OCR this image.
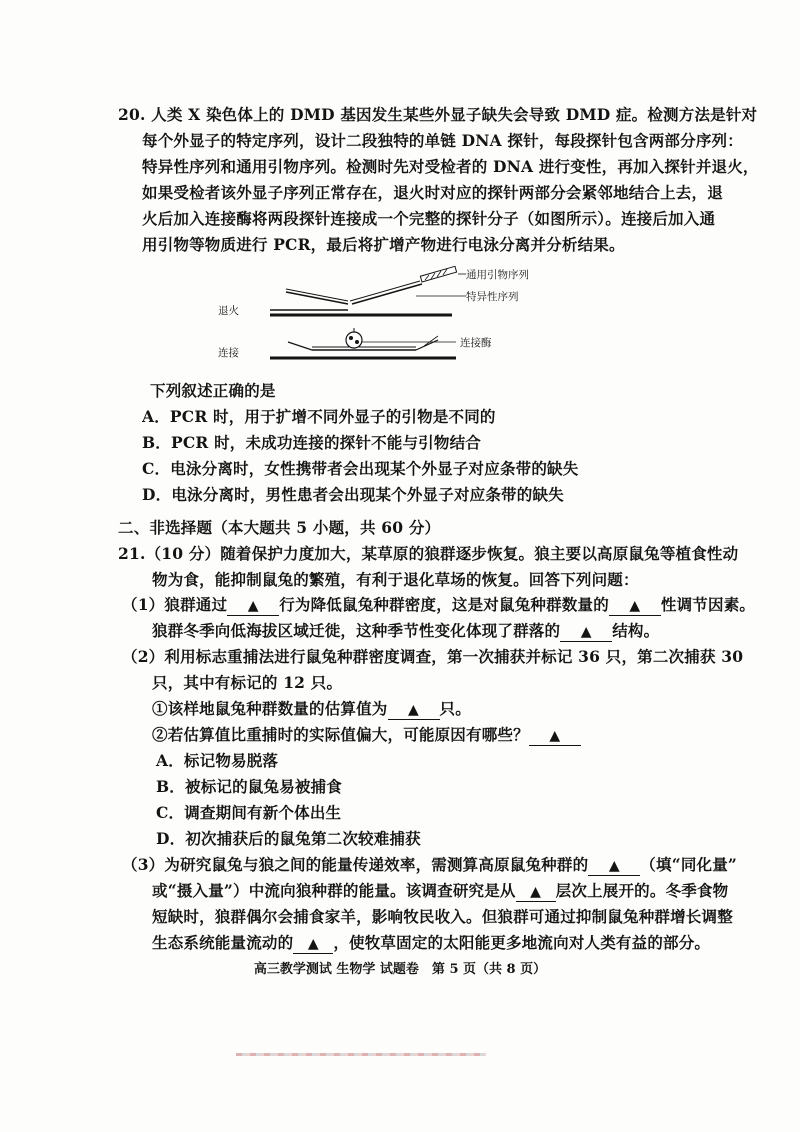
20. 人类 X 染色体上的 DMD 基因发生某些外显子缺失会导致 DMD 症。检测方法是针对
每个外显子的特定序列，设计二段独特的单链 DNA 探针，每段探针包含两部分序列：
特异性序列和通用引物序列。检测时先对受检者的 DNA 进行变性，再加入探针并退火，
如果受检者该外显子序列正常存在，退火时对应的探针两部分会紧邻地结合上去，退
火后加入连接酶将两段探针连接成一个完整的探针分子（如图所示）。连接后加入通
用引物等物质进行 PCR，最后将扩增产物进行电泳分离并分析结果。
退火
通用引物序列
特异性序列
连接
连接酶
下列叙述正确的是
A．PCR 时，用于扩增不同外显子的引物是不同的
B．PCR 时，未成功连接的探针不能与引物结合
C．电泳分离时，女性携带者会出现某个外显子对应条带的缺失
D．电泳分离时，男性患者会出现某个外显子对应条带的缺失
二、非选择题（本大题共 5 小题，共 60 分）
21.（10 分）随着保护力度加大，某草原的狼群逐步恢复。狼主要以高原鼠兔等植食性动
物为食，能抑制鼠兔的繁殖，有利于退化草场的恢复。回答下列问题：
（1）狼群通过 ▲ 行为降低鼠兔种群密度，这是对鼠兔种群数量的 ▲ 性调节因素。
狼群冬季向低海拔区域迁徙，这种季节性变化体现了群落的 ▲ 结构。
（2）利用标志重捕法进行鼠兔种群密度调查，第一次捕获并标记 36 只，第二次捕获 30
只，其中有标记的 12 只。
①该样地鼠兔种群数量的估算值为 ▲ 只。
②若估算值比重捕时的实际值偏大，可能原因有哪些？ ▲
A．标记物易脱落
B．被标记的鼠兔易被捕食
C．调查期间有新个体出生
D．初次捕获后的鼠兔第二次较难捕获
（3）为研究鼠兔与狼之间的能量传递效率，需测算高原鼠兔种群的 ▲ （填“同化量”
或“摄入量”）中流向狼种群的能量。该调查研究是从 ▲ 层次上展开的。冬季食物
短缺时，狼群偶尔会捕食家羊，影响牧民收入。但狼群可通过抑制鼠兔种群增长调整
生态系统能量流动的 ▲ ，使牧草固定的太阳能更多地流向对人类有益的部分。
高三教学测试 生物学 试题卷　第 5 页（共 8 页）
